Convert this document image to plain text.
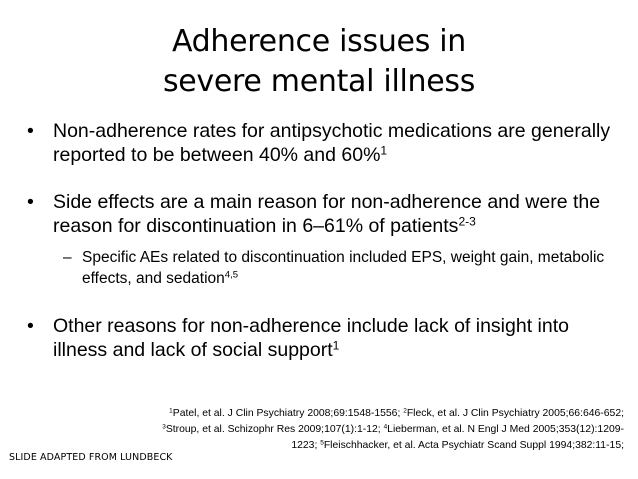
Adherence issues in
severe mental illness
• Non-adherence rates for antipsychotic medications are generally reported to be between 40% and 60%$^1$
• Side effects are a main reason for non-adherence and were the reason for discontinuation in 6–61% of patients$^{2-3}$
– Specific AEs related to discontinuation included EPS, weight gain, metabolic effects, and sedation$^{4,5}$
• Other reasons for non-adherence include lack of insight into illness and lack of social support$^1$
$^1$Patel, et al. J Clin Psychiatry 2008;69:1548-1556; $^2$Fleck, et al. J Clin Psychiatry 2005;66:646-652;
$^3$Stroup, et al. Schizophr Res 2009;107(1):1-12; $^4$Lieberman, et al. N Engl J Med 2005;353(12):1209-
1223; $^5$Fleischhacker, et al. Acta Psychiatr Scand Suppl 1994;382:11-15;
SLIDE ADAPTED FROM LUNDBECK
